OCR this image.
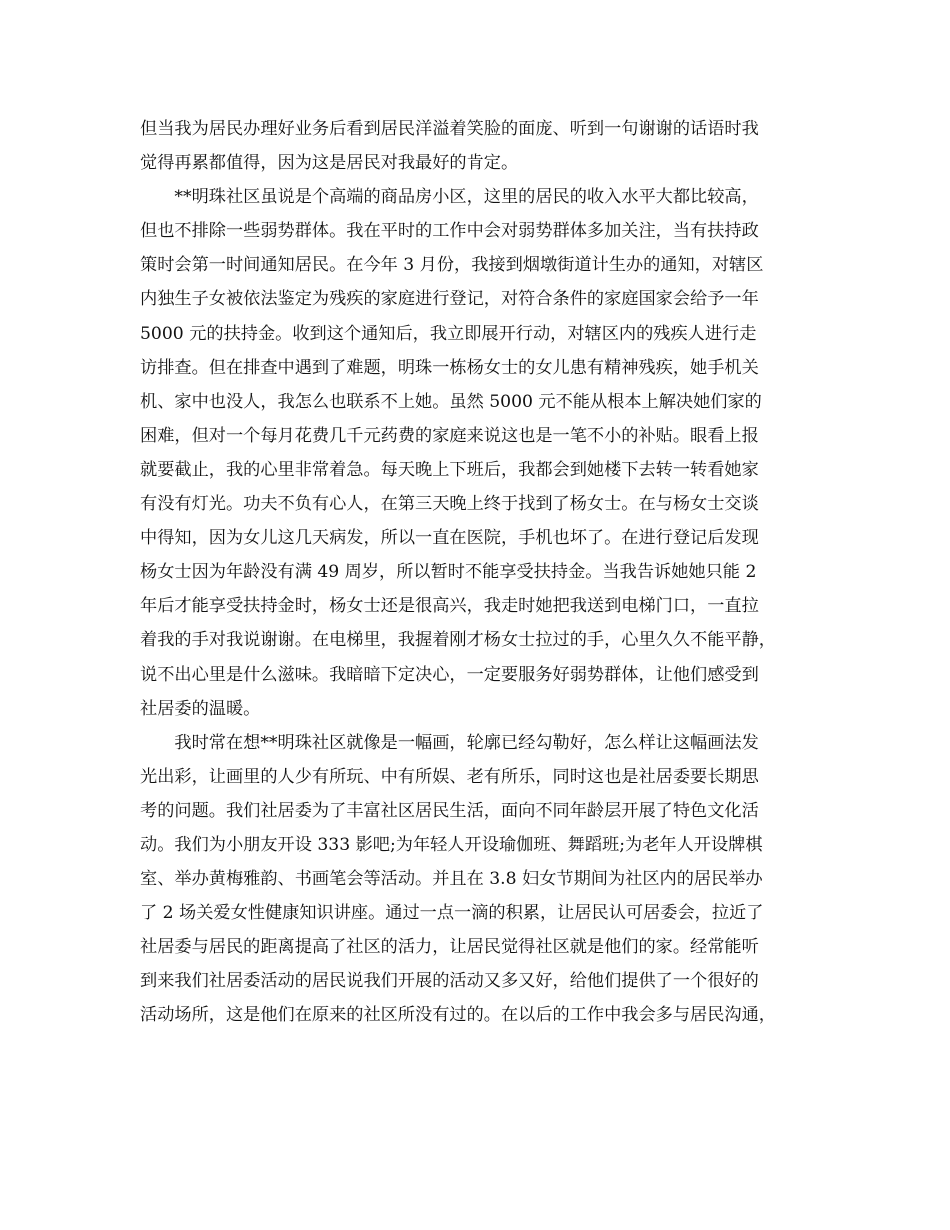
但当我为居民办理好业务后看到居民洋溢着笑脸的面庞、听到一句谢谢的话语时我
觉得再累都值得，因为这是居民对我最好的肯定。
　　**明珠社区虽说是个高端的商品房小区，这里的居民的收入水平大都比较高，
但也不排除一些弱势群体。我在平时的工作中会对弱势群体多加关注，当有扶持政
策时会第一时间通知居民。在今年 3 月份，我接到烟墩街道计生办的通知，对辖区
内独生子女被依法鉴定为残疾的家庭进行登记，对符合条件的家庭国家会给予一年
5000 元的扶持金。收到这个通知后，我立即展开行动，对辖区内的残疾人进行走
访排查。但在排查中遇到了难题，明珠一栋杨女士的女儿患有精神残疾，她手机关
机、家中也没人，我怎么也联系不上她。虽然 5000 元不能从根本上解决她们家的
困难，但对一个每月花费几千元药费的家庭来说这也是一笔不小的补贴。眼看上报
就要截止，我的心里非常着急。每天晚上下班后，我都会到她楼下去转一转看她家
有没有灯光。功夫不负有心人，在第三天晚上终于找到了杨女士。在与杨女士交谈
中得知，因为女儿这几天病发，所以一直在医院，手机也坏了。在进行登记后发现
杨女士因为年龄没有满 49 周岁，所以暂时不能享受扶持金。当我告诉她她只能 2
年后才能享受扶持金时，杨女士还是很高兴，我走时她把我送到电梯门口，一直拉
着我的手对我说谢谢。在电梯里，我握着刚才杨女士拉过的手，心里久久不能平静，
说不出心里是什么滋味。我暗暗下定决心，一定要服务好弱势群体，让他们感受到
社居委的温暖。
　　我时常在想**明珠社区就像是一幅画，轮廓已经勾勒好，怎么样让这幅画法发
光出彩，让画里的人少有所玩、中有所娱、老有所乐，同时这也是社居委要长期思
考的问题。我们社居委为了丰富社区居民生活，面向不同年龄层开展了特色文化活
动。我们为小朋友开设 333 影吧;为年轻人开设瑜伽班、舞蹈班;为老年人开设牌棋
室、举办黄梅雅韵、书画笔会等活动。并且在 3.8 妇女节期间为社区内的居民举办
了 2 场关爱女性健康知识讲座。通过一点一滴的积累，让居民认可居委会，拉近了
社居委与居民的距离提高了社区的活力，让居民觉得社区就是他们的家。经常能听
到来我们社居委活动的居民说我们开展的活动又多又好，给他们提供了一个很好的
活动场所，这是他们在原来的社区所没有过的。在以后的工作中我会多与居民沟通，
